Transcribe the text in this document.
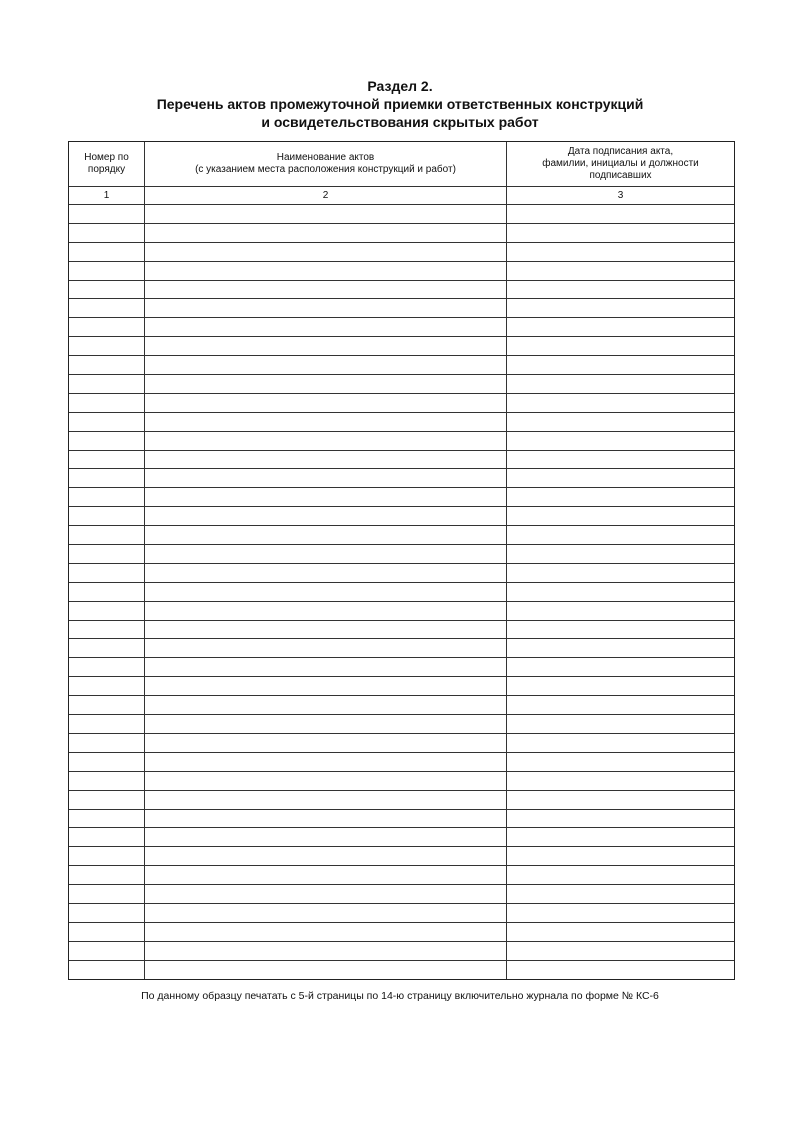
Раздел 2.
Перечень актов промежуточной приемки ответственных конструкций
и освидетельствования скрытых работ
Номер по
порядку
Наименование актов
(с указанием места расположения конструкций и работ)
Дата подписания акта,
фамилии, инициалы и должности
подписавших
1	2	3
По данному образцу печатать с 5-й страницы по 14-ю страницу включительно журнала по форме № КС-6
